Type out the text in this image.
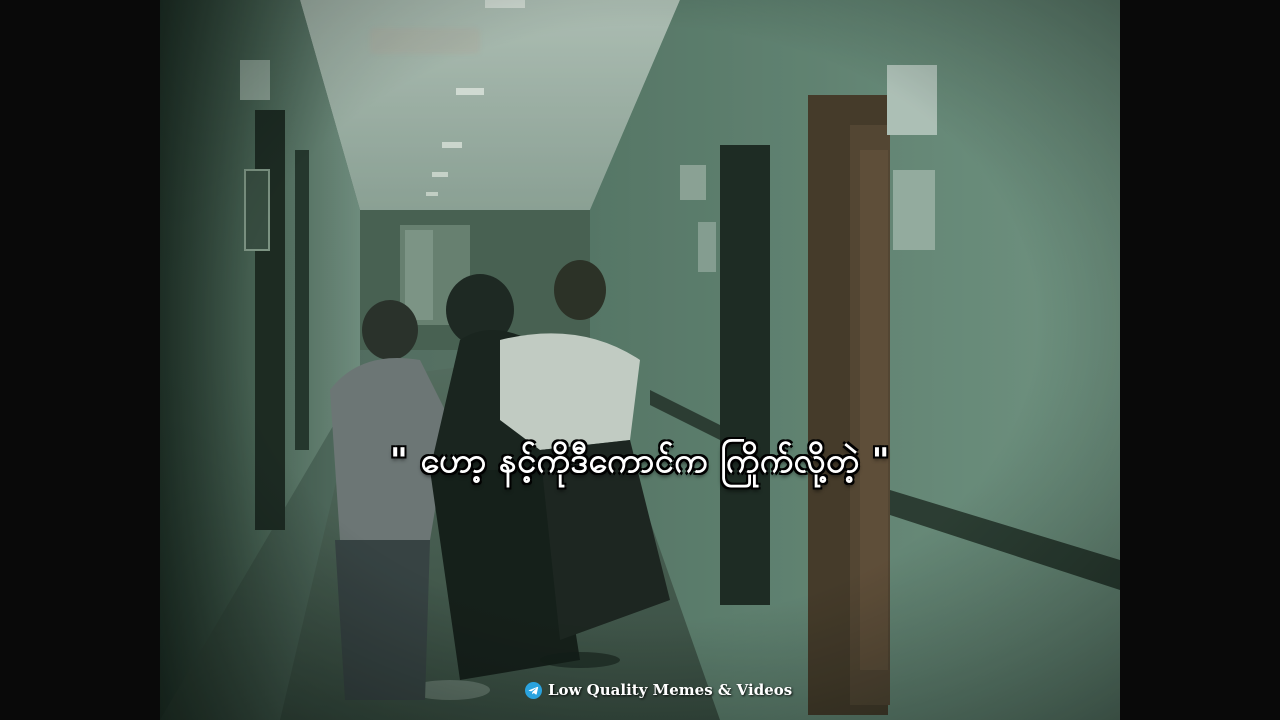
" ဟော့ နင့်ကိုဒီကောင်က ကြိုက်လို့တဲ့ "
Low Quality Memes & Videos
